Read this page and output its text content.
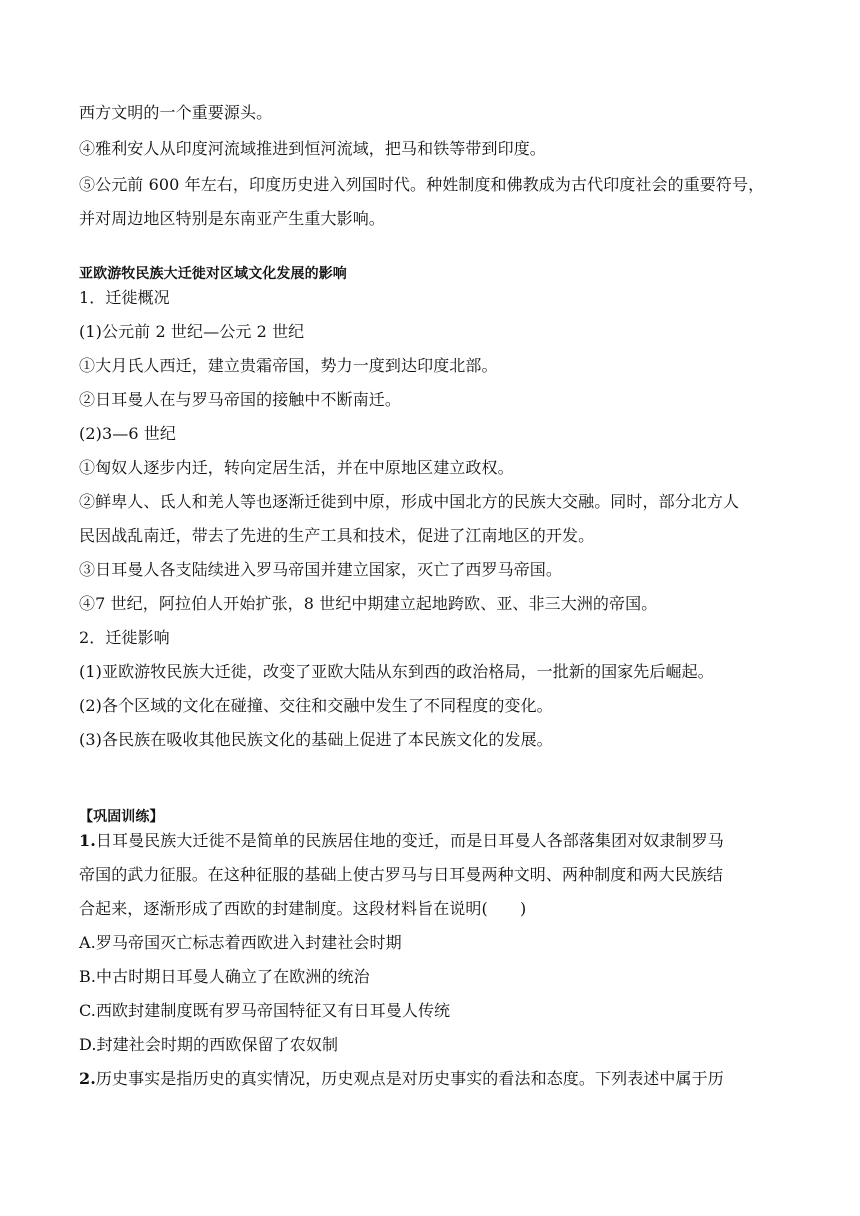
西方文明的一个重要源头。
④雅利安人从印度河流域推进到恒河流域，把马和铁等带到印度。
⑤公元前 600 年左右，印度历史进入列国时代。种姓制度和佛教成为古代印度社会的重要符号，
并对周边地区特别是东南亚产生重大影响。
亚欧游牧民族大迁徙对区域文化发展的影响
1．迁徙概况
(1)公元前 2 世纪—公元 2 世纪
①大月氏人西迁，建立贵霜帝国，势力一度到达印度北部。
②日耳曼人在与罗马帝国的接触中不断南迁。
(2)3—6 世纪
①匈奴人逐步内迁，转向定居生活，并在中原地区建立政权。
②鲜卑人、氐人和羌人等也逐渐迁徙到中原，形成中国北方的民族大交融。同时，部分北方人
民因战乱南迁，带去了先进的生产工具和技术，促进了江南地区的开发。
③日耳曼人各支陆续进入罗马帝国并建立国家，灭亡了西罗马帝国。
④7 世纪，阿拉伯人开始扩张，8 世纪中期建立起地跨欧、亚、非三大洲的帝国。
2．迁徙影响
(1)亚欧游牧民族大迁徙，改变了亚欧大陆从东到西的政治格局，一批新的国家先后崛起。
(2)各个区域的文化在碰撞、交往和交融中发生了不同程度的变化。
(3)各民族在吸收其他民族文化的基础上促进了本民族文化的发展。
【巩固训练】
1.日耳曼民族大迁徙不是简单的民族居住地的变迁，而是日耳曼人各部落集团对奴隶制罗马
帝国的武力征服。在这种征服的基础上使古罗马与日耳曼两种文明、两种制度和两大民族结
合起来，逐渐形成了西欧的封建制度。这段材料旨在说明(　　)
A.罗马帝国灭亡标志着西欧进入封建社会时期
B.中古时期日耳曼人确立了在欧洲的统治
C.西欧封建制度既有罗马帝国特征又有日耳曼人传统
D.封建社会时期的西欧保留了农奴制
2.历史事实是指历史的真实情况，历史观点是对历史事实的看法和态度。下列表述中属于历
